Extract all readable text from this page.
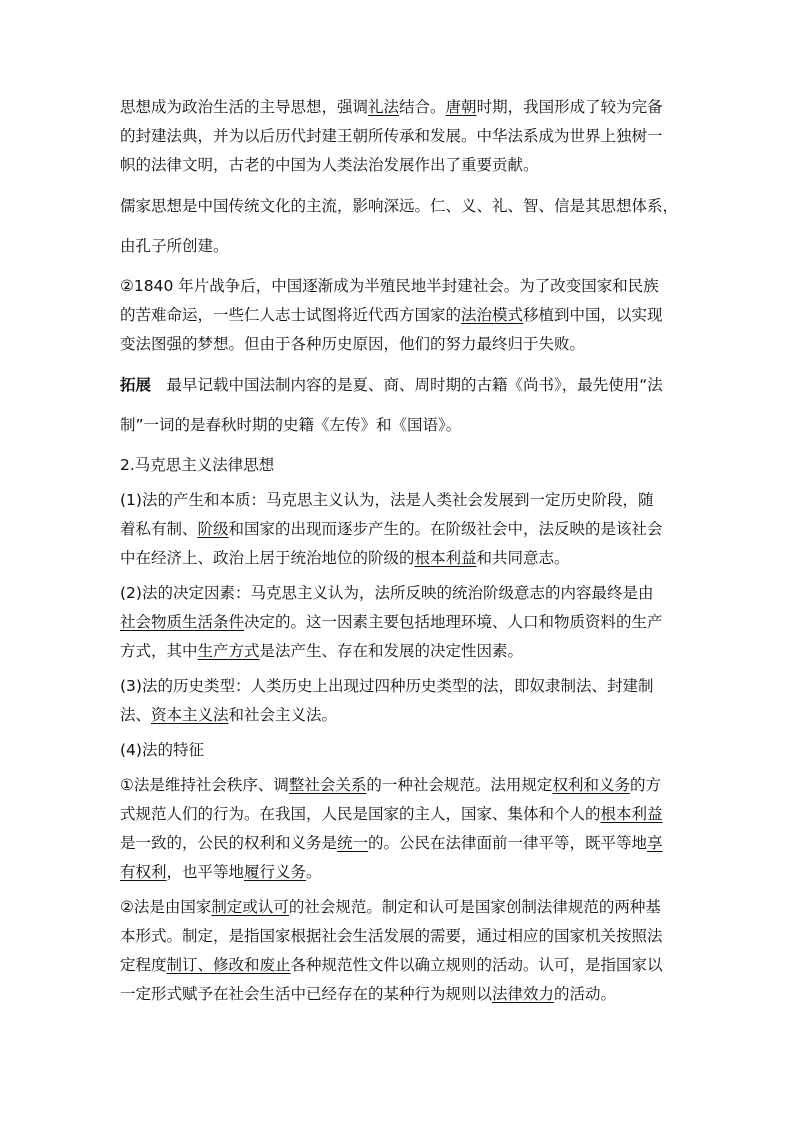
思想成为政治生活的主导思想，强调礼法结合。唐朝时期，我国形成了较为完备
的封建法典，并为以后历代封建王朝所传承和发展。中华法系成为世界上独树一
帜的法律文明，古老的中国为人类法治发展作出了重要贡献。
儒家思想是中国传统文化的主流，影响深远。仁、义、礼、智、信是其思想体系，
由孔子所创建。
②1840 年片战争后，中国逐渐成为半殖民地半封建社会。为了改变国家和民族
的苦难命运，一些仁人志士试图将近代西方国家的法治模式移植到中国，以实现
变法图强的梦想。但由于各种历史原因，他们的努力最终归于失败。
拓展　最早记载中国法制内容的是夏、商、周时期的古籍《尚书》，最先使用“法
制”一词的是春秋时期的史籍《左传》和《国语》。
2.马克思主义法律思想
(1)法的产生和本质：马克思主义认为，法是人类社会发展到一定历史阶段，随
着私有制、阶级和国家的出现而逐步产生的。在阶级社会中，法反映的是该社会
中在经济上、政治上居于统治地位的阶级的根本利益和共同意志。
(2)法的决定因素：马克思主义认为，法所反映的统治阶级意志的内容最终是由
社会物质生活条件决定的。这一因素主要包括地理环境、人口和物质资料的生产
方式，其中生产方式是法产生、存在和发展的决定性因素。
(3)法的历史类型：人类历史上出现过四种历史类型的法，即奴隶制法、封建制
法、资本主义法和社会主义法。
(4)法的特征
①法是维持社会秩序、调整社会关系的一种社会规范。法用规定权利和义务的方
式规范人们的行为。在我国，人民是国家的主人，国家、集体和个人的根本利益
是一致的，公民的权利和义务是统一的。公民在法律面前一律平等，既平等地享
有权利，也平等地履行义务。
②法是由国家制定或认可的社会规范。制定和认可是国家创制法律规范的两种基
本形式。制定，是指国家根据社会生活发展的需要，通过相应的国家机关按照法
定程度制订、修改和废止各种规范性文件以确立规则的活动。认可，是指国家以
一定形式赋予在社会生活中已经存在的某种行为规则以法律效力的活动。
